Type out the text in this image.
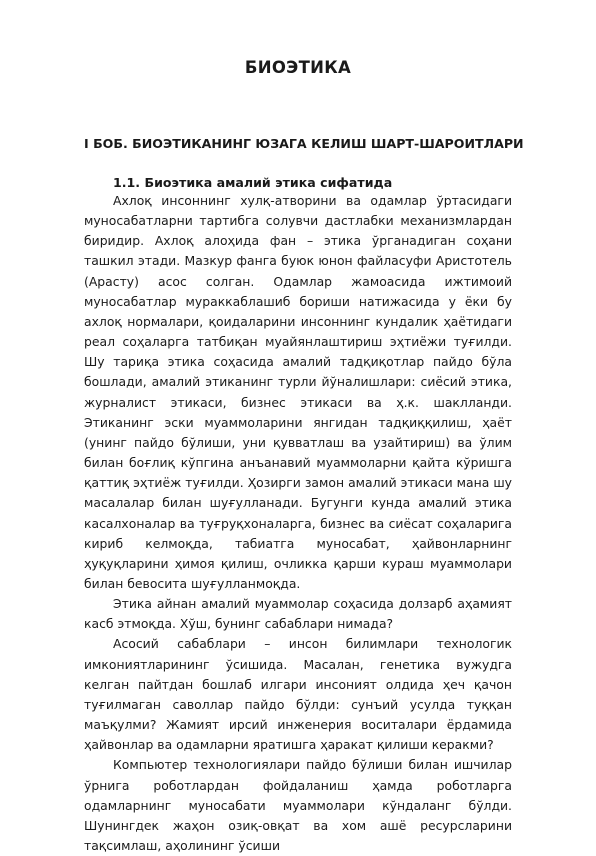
БИОЭТИКА
I БОБ. БИОЭТИКАНИНГ ЮЗАГА КЕЛИШ ШАРТ-ШАРОИТЛАРИ
1.1. Биоэтика амалий этика сифатида

Ахлоқ инсоннинг хулқ-атворини ва одамлар ўртасидаги муносабатларни тартибга солувчи дастлабки механизмлардан биридир. Ахлоқ алоҳида фан – этика ўрганадиган соҳани ташкил этади. Мазкур фанга буюк юнон файласуфи Аристотель (Арасту) асос солган. Одамлар жамоасида ижтимоий муносабатлар мураккаблашиб бориши натижасида у ёки бу ахлоқ нормалари, қоидаларини инсоннинг кундалик ҳаётидаги реал соҳаларга татбиқан муайянлаштириш эҳтиёжи туғилди. Шу тариқа этика соҳасида амалий тадқиқотлар пайдо бўла бошлади, амалий этиканинг турли йўналишлари: сиёсий этика, журналист этикаси, бизнес этикаси ва ҳ.к. шаклланди. Этиканинг эски муаммоларини янгидан тадқиққилиш, ҳаёт (унинг пайдо бўлиши, уни қувватлаш ва узайтириш) ва ўлим билан боғлиқ кўпгина анъанавий муаммоларни қайта кўришга қаттиқ эҳтиёж туғилди. Ҳозирги замон амалий этикаси мана шу масалалар билан шуғулланади. Бугунги кунда амалий этика касалхоналар ва туғруқхоналарга, бизнес ва сиёсат соҳаларига кириб келмоқда, табиатга муносабат, ҳайвонларнинг ҳуқуқларини ҳимоя қилиш, очликка қарши кураш муаммолари билан бевосита шуғулланмоқда.

Этика айнан амалий муаммолар соҳасида долзарб аҳамият касб этмоқда. Хўш, бунинг сабаблари нимада?

Асосий сабаблари – инсон билимлари технологик имкониятларининг ўсишида. Масалан, генетика вужудга келган пайтдан бошлаб илгари инсоният олдида ҳеч қачон туғилмаган саволлар пайдо бўлди: сунъий усулда туққан маъқулми? Жамият ирсий инженерия воситалари ёрдамида ҳайвонлар ва одамларни яратишга ҳаракат қилиши керакми?

Компьютер технологиялари пайдо бўлиши билан ишчилар ўрнига роботлардан фойдаланиш ҳамда роботларга одамларнинг муносабати муаммолари кўндаланг бўлди. Шунингдек жаҳон озиқ-овқат ва хом ашё ресурсларини тақсимлаш, аҳолининг ўсиши
